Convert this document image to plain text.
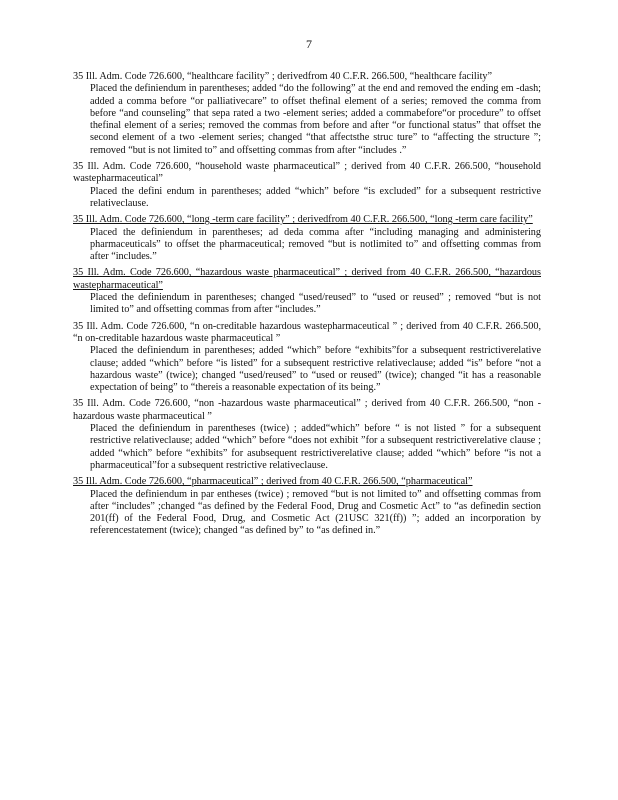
7
35 Ill. Adm. Code 726.600, “healthcare facility” ; derivedfrom 40 C.F.R. 266.500, “healthcare facility”
Placed the definiendum in parentheses; added “do the following” at the end and removed the ending em -dash; added a comma before “or palliativecare” to offset thefinal element of a series; removed the comma from before “and counseling” that sepa rated a two -element series; added a commabefore“or procedure” to offset thefinal element of a series; removed the commas from before and after “or functional status” that offset the second element of a two -element series; changed “that affectsthe struc ture” to “affecting the structure ”; removed “but is not limited to” and offsetting commas from after “includes .”
35 Ill. Adm. Code 726.600, “household waste pharmaceutical” ; derived from 40 C.F.R. 266.500, “household wastepharmaceutical”
Placed the defini endum in parentheses; added “which” before “is excluded” for a subsequent restrictive relativeclause.
35 Ill. Adm. Code 726.600, “long -term care facility” ; derivedfrom 40 C.F.R. 266.500, “long -term care facility”
Placed the definiendum in parentheses; ad deda comma after “including managing and administering pharmaceuticals” to offset the pharmaceutical; removed “but is notlimited to” and offsetting commas from after “includes.”
35 Ill. Adm. Code 726.600, “hazardous waste pharmaceutical” ; derived from 40 C.F.R. 266.500, “hazardous wastepharmaceutical”
Placed the definiendum in parentheses; changed “used/reused” to “used or reused” ; removed “but is not limited to” and offsetting commas from after “includes.”
35 Ill. Adm. Code 726.600, “n on-creditable hazardous wastepharmaceutical ” ; derived from 40 C.F.R. 266.500, “n on-creditable hazardous waste pharmaceutical ”
Placed the definiendum in parentheses; added “which” before “exhibits”for a subsequent restrictiverelative clause; added “which” before “is listed” for a subsequent restrictive relativeclause; added “is” before “not a hazardous waste” (twice); changed “used/reused” to “used or reused” (twice); changed “it has a reasonable expectation of being” to “thereis a reasonable expectation of its being.”
35 Ill. Adm. Code 726.600, “non -hazardous waste pharmaceutical” ; derived from 40 C.F.R. 266.500, “non -hazardous waste pharmaceutical ”
Placed the definiendum in parentheses (twice) ; added“which” before “ is not listed ” for a subsequent restrictive relativeclause; added “which” before “does not exhibit ”for a subsequent restrictiverelative clause ; added “which” before “exhibits” for asubsequent restrictiverelative clause; added “which” before “is not a pharmaceutical”for a subsequent restrictive relativeclause.
35 Ill. Adm. Code 726.600, “pharmaceutical” ; derived from 40 C.F.R. 266.500, “pharmaceutical”
Placed the definiendum in par entheses (twice) ; removed “but is not limited to” and offsetting commas from after “includes” ;changed “as defined by the Federal Food, Drug and Cosmetic Act” to “as definedin section 201(ff) of the Federal Food, Drug, and Cosmetic Act (21USC 321(ff)) ”; added an incorporation by referencestatement (twice); changed “as defined by” to “as defined in.”
